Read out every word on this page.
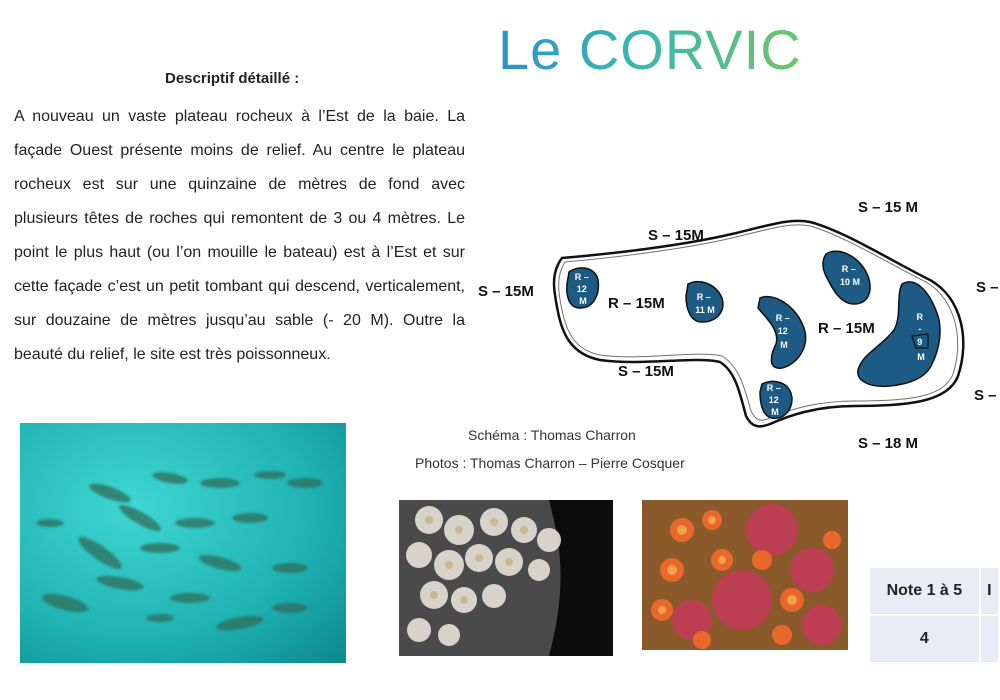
Le CORVIC
Descriptif détaillé :

A nouveau un vaste plateau rocheux à l’Est de la baie. La façade Ouest présente moins de relief. Au centre le plateau rocheux est sur une quinzaine de mètres de fond avec plusieurs têtes de roches qui remontent de 3 ou 4 mètres. Le point le plus haut (ou l’on mouille le bateau) est à l’Est et sur cette façade c’est un petit tombant qui descend, verticalement, sur douzaine de mètres jusqu’au sable (- 20 M). Outre la beauté du relief, le site est très poissonneux.

R – 12 M	R – 11 M
R – 12 M
R – 10 M
R - 9 M
R – 12 M
S – 15M
S – 15M
S – 15 M
S – 15M
S – 18 M
S –
S –
R – 15M
R – 15M
Schéma : Thomas Charron
Photos : Thomas Charron – Pierre Cosquer
Note 1 à 5	I
4	
